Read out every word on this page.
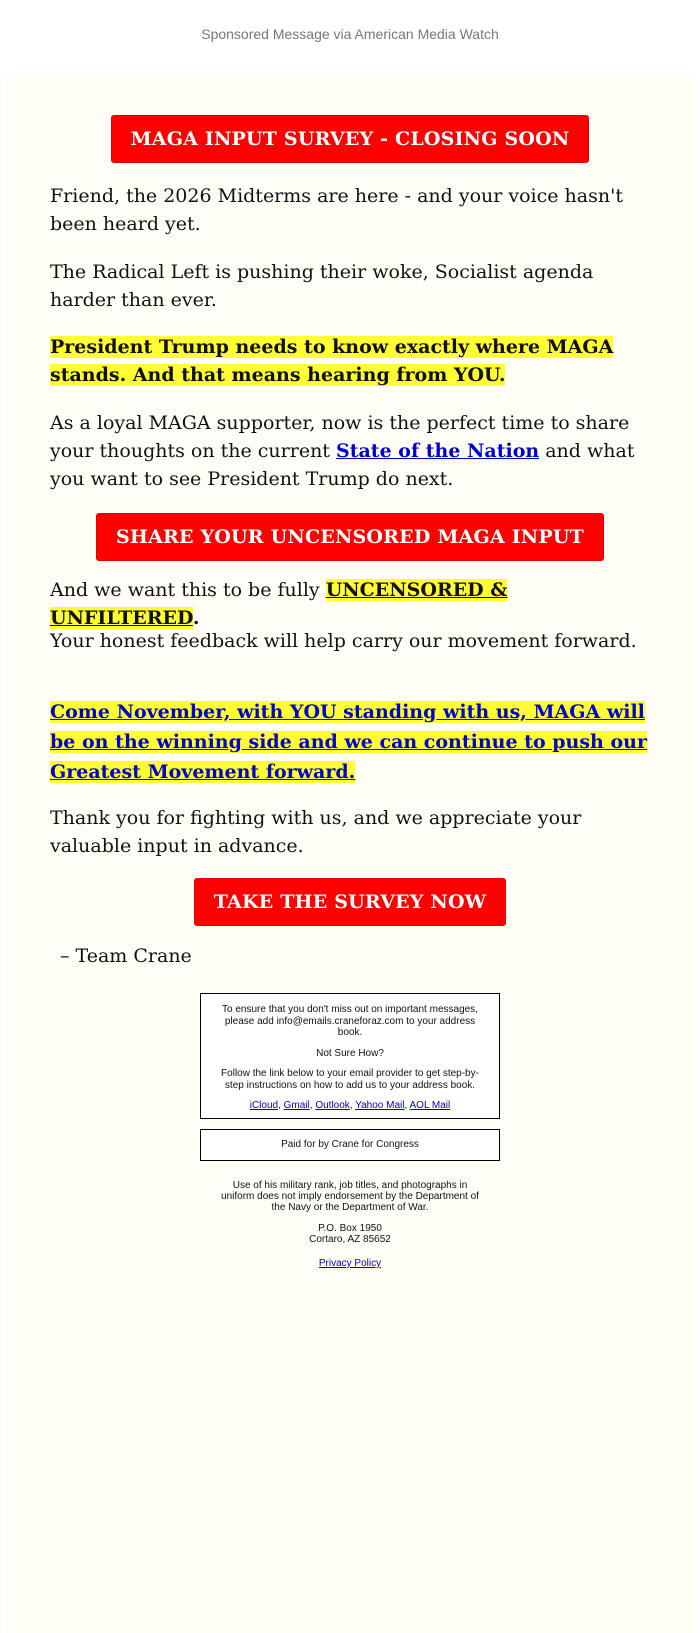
Sponsored Message via American Media Watch
MAGA INPUT SURVEY - CLOSING SOON

Friend, the 2026 Midterms are here - and your voice hasn't been heard yet.

The Radical Left is pushing their woke, Socialist agenda harder than ever.

President Trump needs to know exactly where MAGA stands. And that means hearing from YOU.

As a loyal MAGA supporter, now is the perfect time to share your thoughts on the current State of the Nation and what you want to see President Trump do next.

SHARE YOUR UNCENSORED MAGA INPUT

And we want this to be fully UNCENSORED & UNFILTERED.

Your honest feedback will help carry our movement forward.

Come November, with YOU standing with us, MAGA will be on the winning side and we can continue to push our Greatest Movement forward.

Thank you for fighting with us, and we appreciate your valuable input in advance.

TAKE THE SURVEY NOW

– Team Crane

To ensure that you don't miss out on important messages, please add info@emails.craneforaz.com to your address book.

Not Sure How?

Follow the link below to your email provider to get step-by-step instructions on how to add us to your address book.

iCloud, Gmail, Outlook, Yahoo Mail, AOL Mail

Paid for by Crane for Congress
Use of his military rank, job titles, and photographs in uniform does not imply endorsement by the Department of the Navy or the Department of War.
P.O. Box 1950
Cortaro, AZ 85652
Privacy Policy
